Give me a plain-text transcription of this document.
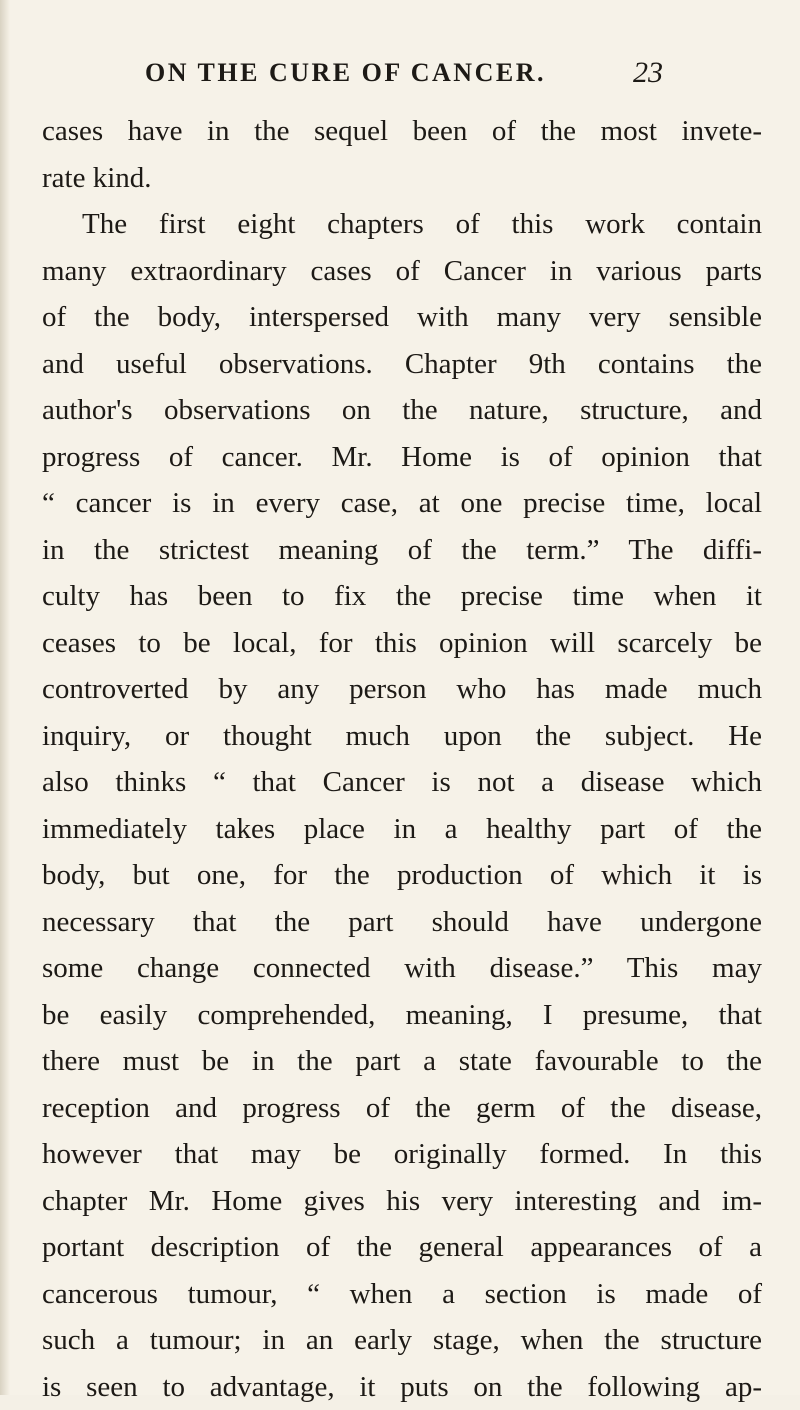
ON THE CURE OF CANCER.	23
cases have in the sequel been of the most invete-
rate kind.
The first eight chapters of this work contain
many extraordinary cases of Cancer in various parts
of the body, interspersed with many very sensible
and useful observations. Chapter 9th contains the
author's observations on the nature, structure, and
progress of cancer. Mr. Home is of opinion that
“ cancer is in every case, at one precise time, local
in the strictest meaning of the term.” The diffi-
culty has been to fix the precise time when it
ceases to be local, for this opinion will scarcely be
controverted by any person who has made much
inquiry, or thought much upon the subject. He
also thinks “ that Cancer is not a disease which
immediately takes place in a healthy part of the
body, but one, for the production of which it is
necessary that the part should have undergone
some change connected with disease.” This may
be easily comprehended, meaning, I presume, that
there must be in the part a state favourable to the
reception and progress of the germ of the disease,
however that may be originally formed. In this
chapter Mr. Home gives his very interesting and im-
portant description of the general appearances of a
cancerous tumour, “ when a section is made of
such a tumour; in an early stage, when the structure
is seen to advantage, it puts on the following ap-
